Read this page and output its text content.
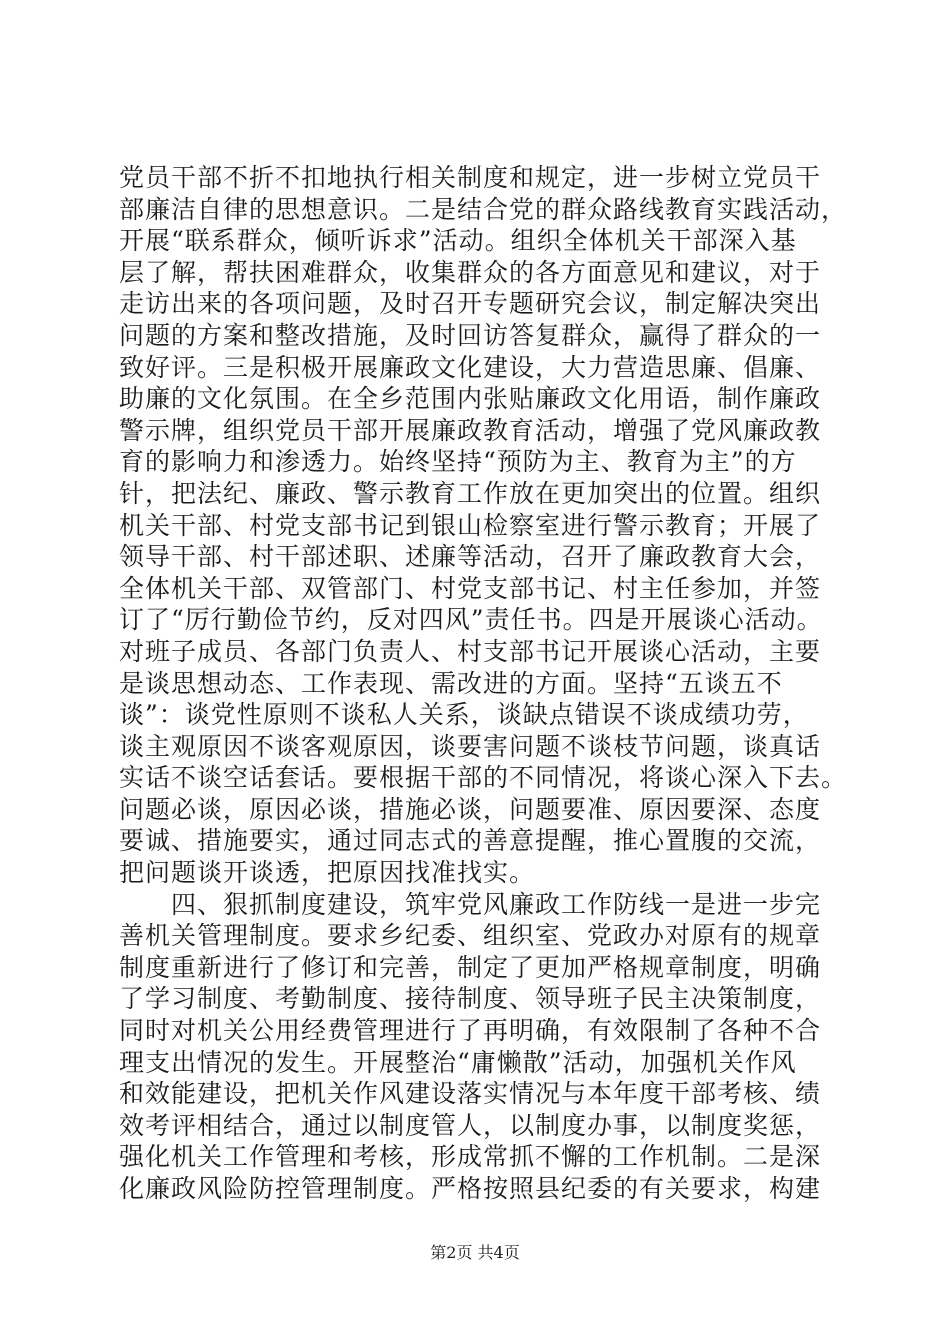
党员干部不折不扣地执行相关制度和规定，进一步树立党员干
部廉洁自律的思想意识。二是结合党的群众路线教育实践活动，
开展“联系群众，倾听诉求”活动。组织全体机关干部深入基
层了解，帮扶困难群众，收集群众的各方面意见和建议，对于
走访出来的各项问题，及时召开专题研究会议，制定解决突出
问题的方案和整改措施，及时回访答复群众，赢得了群众的一
致好评。三是积极开展廉政文化建设，大力营造思廉、倡廉、
助廉的文化氛围。在全乡范围内张贴廉政文化用语，制作廉政
警示牌，组织党员干部开展廉政教育活动，增强了党风廉政教
育的影响力和渗透力。始终坚持“预防为主、教育为主”的方
针，把法纪、廉政、警示教育工作放在更加突出的位置。组织
机关干部、村党支部书记到银山检察室进行警示教育；开展了
领导干部、村干部述职、述廉等活动，召开了廉政教育大会，
全体机关干部、双管部门、村党支部书记、村主任参加，并签
订了“厉行勤俭节约，反对四风”责任书。四是开展谈心活动。
对班子成员、各部门负责人、村支部书记开展谈心活动，主要
是谈思想动态、工作表现、需改进的方面。坚持“五谈五不
谈”：谈党性原则不谈私人关系，谈缺点错误不谈成绩功劳，
谈主观原因不谈客观原因，谈要害问题不谈枝节问题，谈真话
实话不谈空话套话。要根据干部的不同情况，将谈心深入下去。
问题必谈，原因必谈，措施必谈，问题要准、原因要深、态度
要诚、措施要实，通过同志式的善意提醒，推心置腹的交流，
把问题谈开谈透，把原因找准找实。
　　四、狠抓制度建设，筑牢党风廉政工作防线一是进一步完
善机关管理制度。要求乡纪委、组织室、党政办对原有的规章
制度重新进行了修订和完善，制定了更加严格规章制度，明确
了学习制度、考勤制度、接待制度、领导班子民主决策制度，
同时对机关公用经费管理进行了再明确，有效限制了各种不合
理支出情况的发生。开展整治“庸懒散”活动，加强机关作风
和效能建设，把机关作风建设落实情况与本年度干部考核、绩
效考评相结合，通过以制度管人，以制度办事，以制度奖惩，
强化机关工作管理和考核，形成常抓不懈的工作机制。二是深
化廉政风险防控管理制度。严格按照县纪委的有关要求，构建
第2页 共4页
